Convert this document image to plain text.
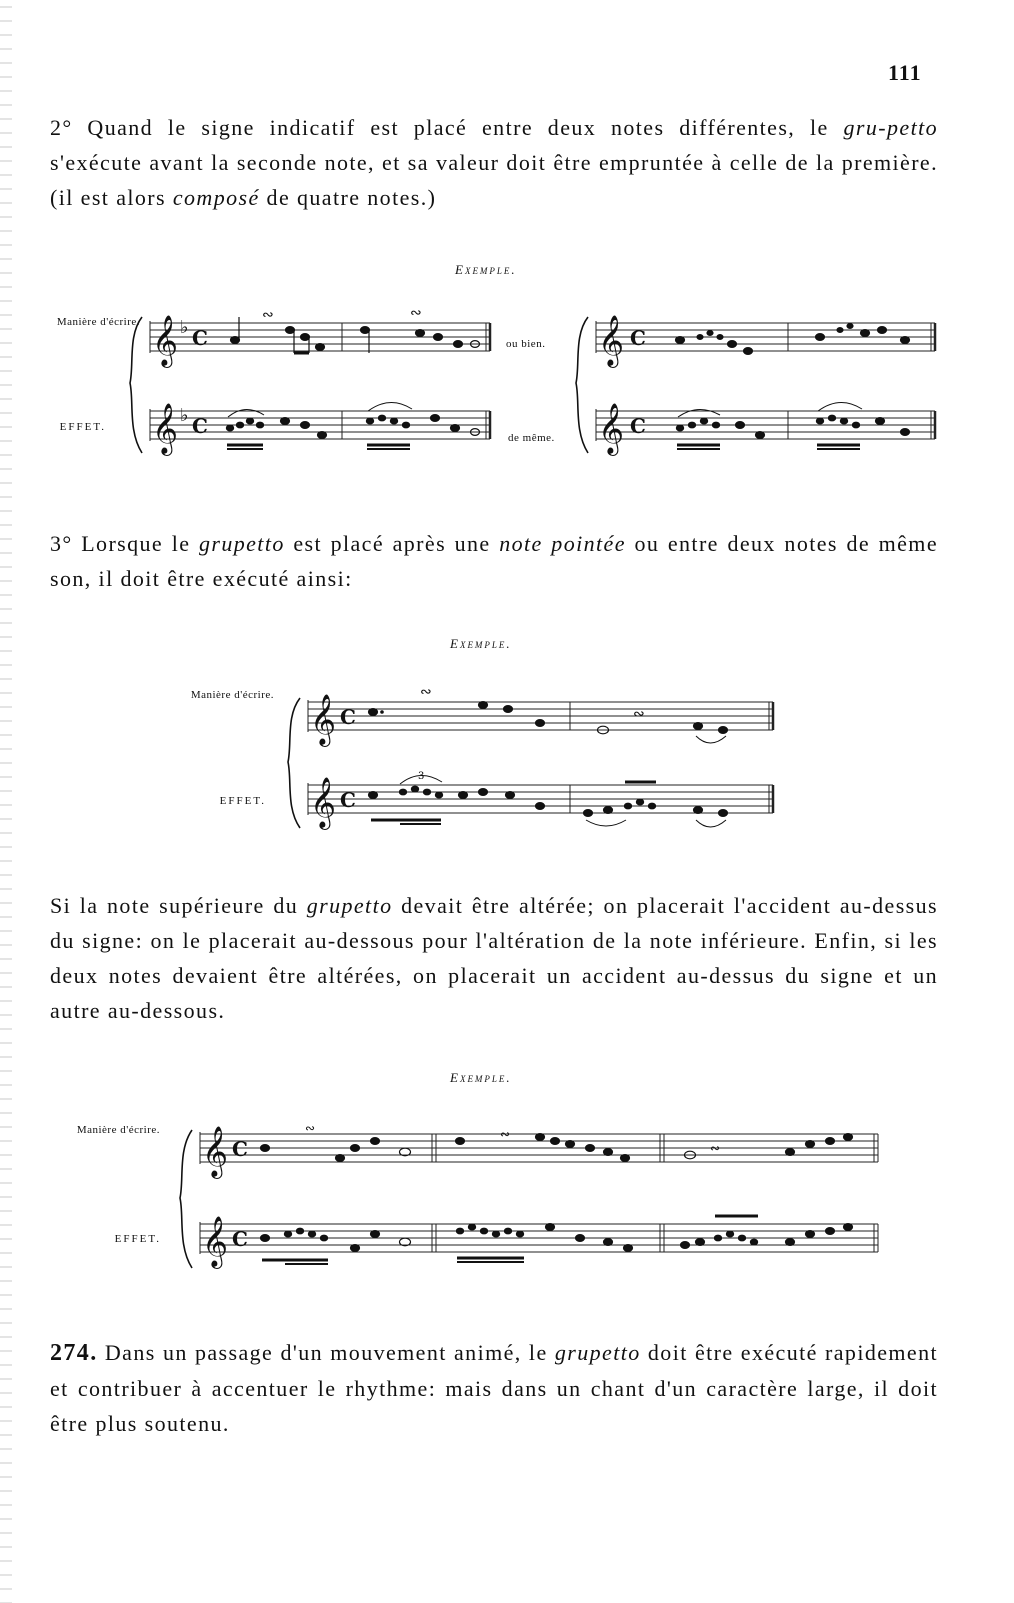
111

2° Quand le signe indicatif est placé entre deux notes différentes, le gru-petto s'exécute avant la seconde note, et sa valeur doit être empruntée à celle de la première. (il est alors composé de quatre notes.)

Exemple.
Manière d'écrire.
EFFET.
ou bien.
de même.
𝄞
𝄞
𝄞
𝄞
♭
♭
C
C
C
C
∾	∾

3° Lorsque le grupetto est placé après une note pointée ou entre deux notes de même son, il doit être exécuté ainsi:

Exemple.
Manière d'écrire.
EFFET.
𝄞
𝄞
C
C
∾
∾
3

Si la note supérieure du grupetto devait être altérée; on placerait l'accident au-dessus du signe: on le placerait au-dessous pour l'altération de la note inférieure. Enfin, si les deux notes devaient être altérées, on placerait un accident au-dessus du signe et un autre au-dessous.

Exemple.
Manière d'écrire.
EFFET.
𝄞
𝄞
C
C
∾	∾
∾

274. Dans un passage d'un mouvement animé, le grupetto doit être exécuté rapidement et contribuer à accentuer le rhythme: mais dans un chant d'un caractère large, il doit être plus soutenu.
